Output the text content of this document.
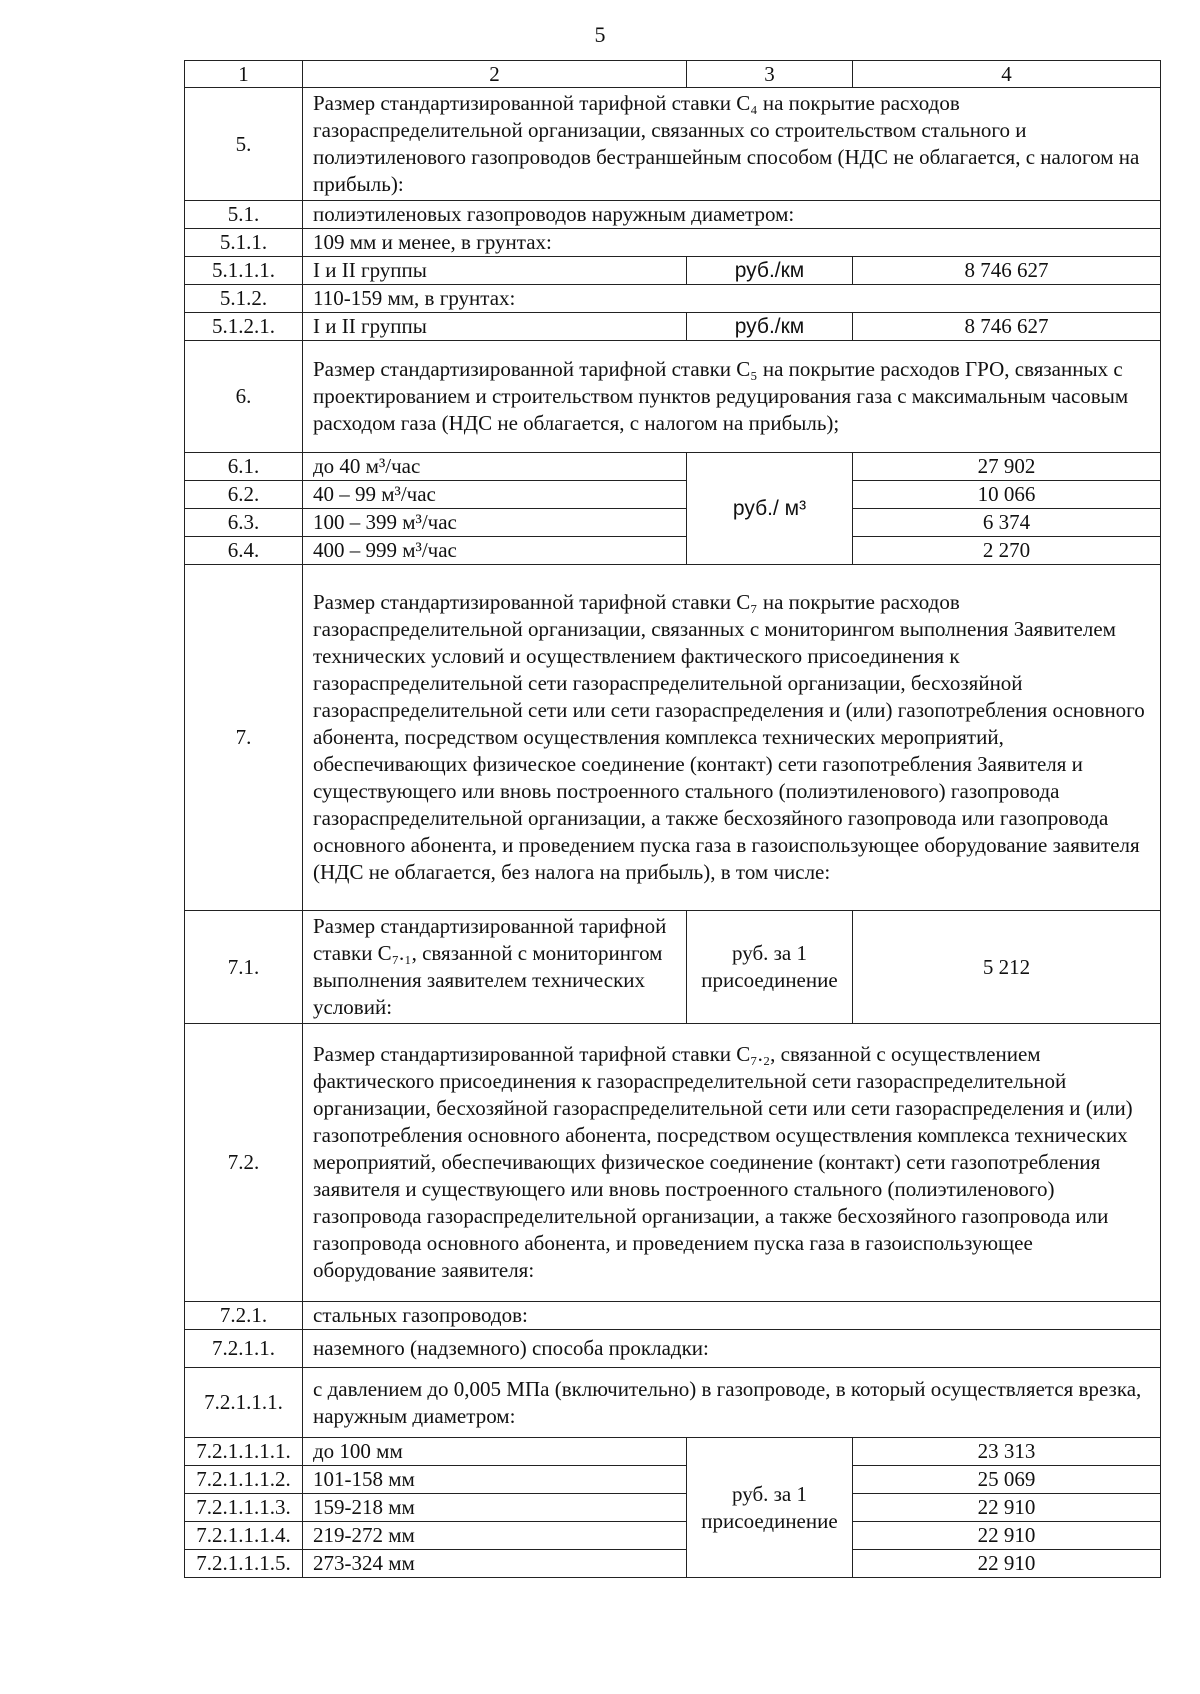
5
1	2	3	4
5.	Размер стандартизированной тарифной ставки С₄ на покрытие расходов газораспределительной организации, связанных со строительством стального и полиэтиленового газопроводов бестраншейным способом (НДС не облагается, с налогом на прибыль):		
5.1.	полиэтиленовых газопроводов наружным диаметром:		
5.1.1.	109 мм и менее, в грунтах:		
5.1.1.1.	I и II группы	руб./км	8 746 627
5.1.2.	110-159 мм, в грунтах:		
5.1.2.1.	I и II группы	руб./км	8 746 627
6.	Размер стандартизированной тарифной ставки С₅ на покрытие расходов ГРО, связанных с проектированием и строительством пунктов редуцирования газа с максимальным часовым расходом газа (НДС не облагается, с налогом на прибыль);		
6.1.	до 40 м³/час	руб./ м³	27 902
6.2.	40 – 99 м³/час		10 066
6.3.	100 – 399 м³/час		6 374
6.4.	400 – 999 м³/час		2 270
7.	Размер стандартизированной тарифной ставки С₇ на покрытие расходов газораспределительной организации, связанных с мониторингом выполнения Заявителем технических условий и осуществлением фактического присоединения к газораспределительной сети газораспределительной организации, бесхозяйной газораспределительной сети или сети газораспределения и (или) газопотребления основного абонента, посредством осуществления комплекса технических мероприятий, обеспечивающих физическое соединение (контакт) сети газопотребления Заявителя и существующего или вновь построенного стального (полиэтиленового) газопровода газораспределительной организации, а также бесхозяйного газопровода или газопровода основного абонента, и проведением пуска газа в газоиспользующее оборудование заявителя (НДС не облагается, без налога на прибыль), в том числе:		
7.1.	Размер стандартизированной тарифной ставки С₇.₁, связанной с мониторингом выполнения заявителем технических условий:	руб. за 1 присоединение	5 212
7.2.	Размер стандартизированной тарифной ставки С₇.₂, связанной с осуществлением фактического присоединения к газораспределительной сети газораспределительной организации, бесхозяйной газораспределительной сети или сети газораспределения и (или) газопотребления основного абонента, посредством осуществления комплекса технических мероприятий, обеспечивающих физическое соединение (контакт) сети газопотребления заявителя и существующего или вновь построенного стального (полиэтиленового) газопровода газораспределительной организации, а также бесхозяйного газопровода или газопровода основного абонента, и проведением пуска газа в газоиспользующее оборудование заявителя:		
7.2.1.	стальных газопроводов:		
7.2.1.1.	наземного (надземного) способа прокладки:		
7.2.1.1.1.	с давлением до 0,005 МПа (включительно) в газопроводе, в который осуществляется врезка, наружным диаметром:		
7.2.1.1.1.1.	до 100 мм	руб. за 1 присоединение	23 313
7.2.1.1.1.2.	101-158 мм		25 069
7.2.1.1.1.3.	159-218 мм		22 910
7.2.1.1.1.4.	219-272 мм		22 910
7.2.1.1.1.5.	273-324 мм		22 910
